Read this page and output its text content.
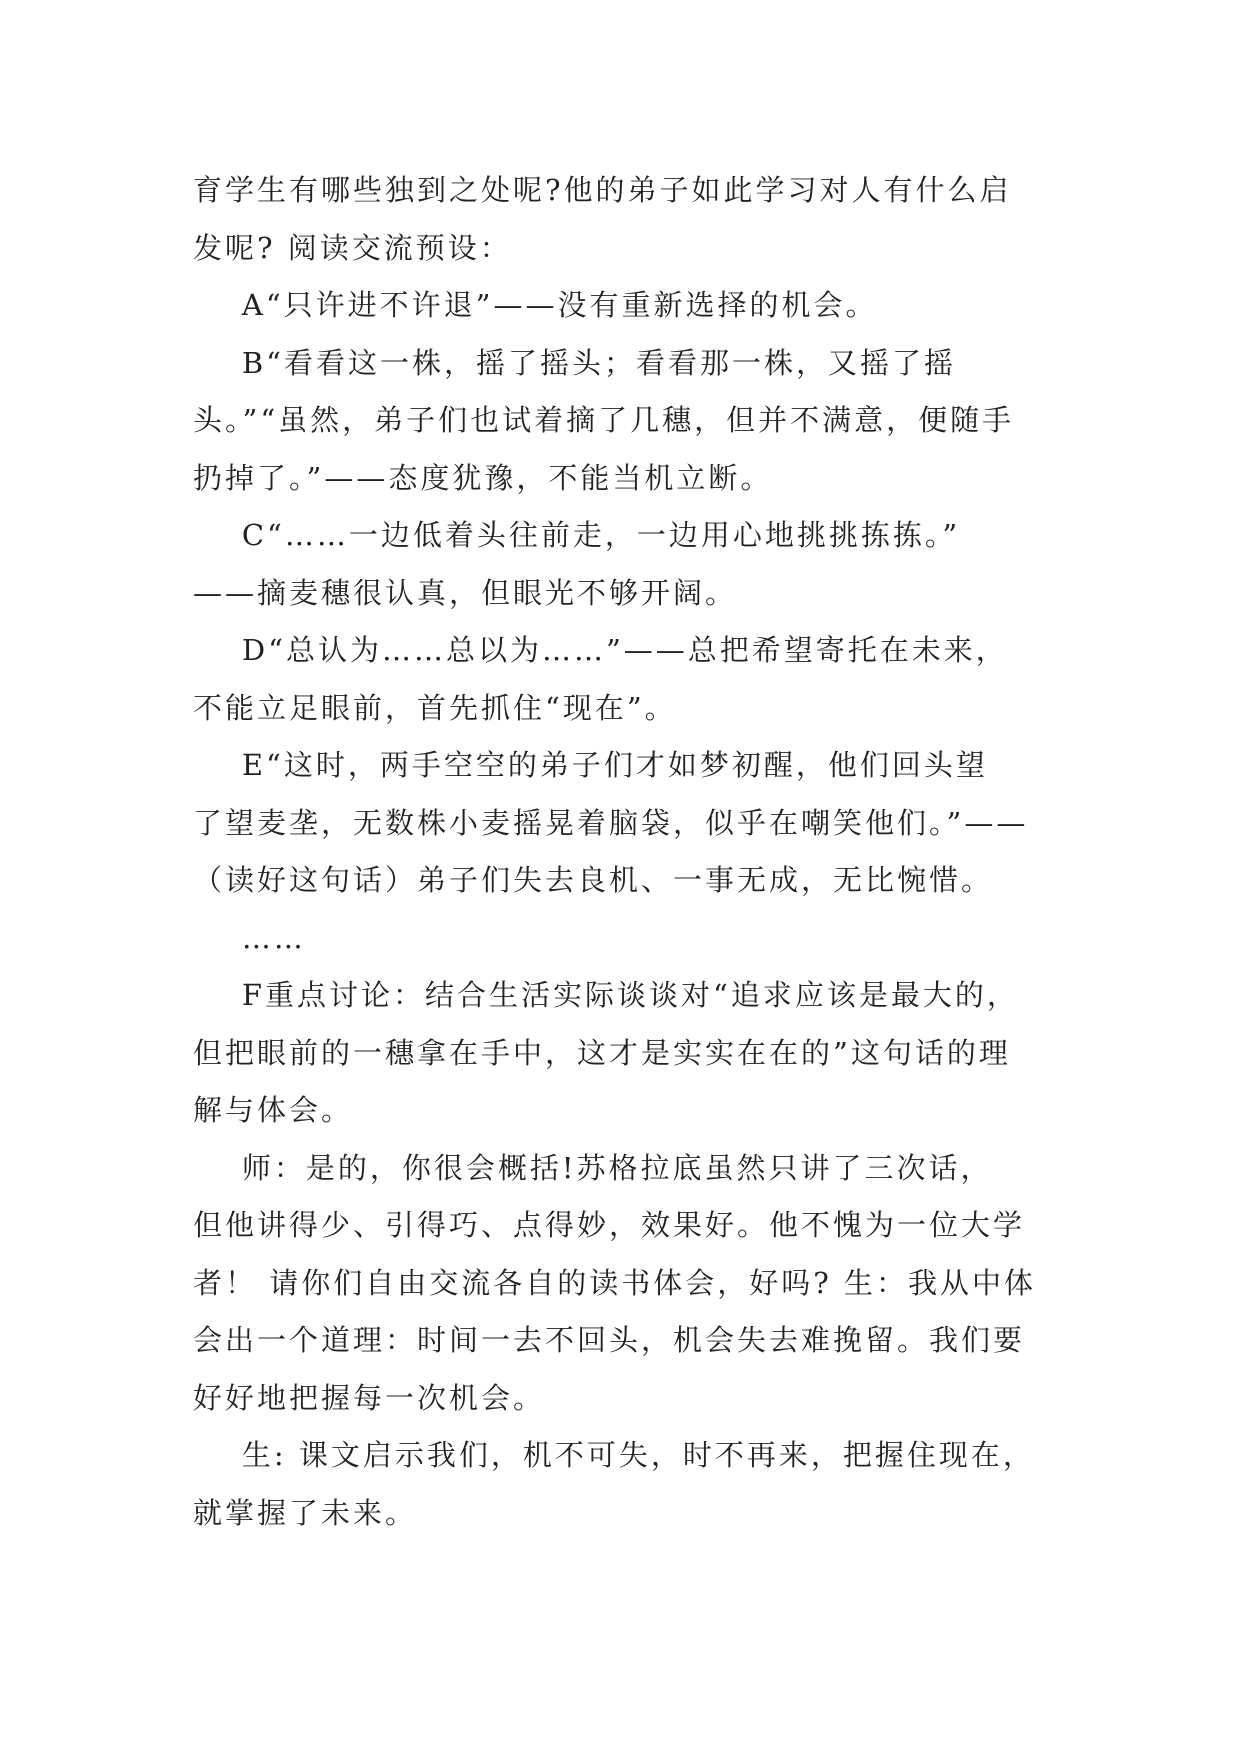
育学生有哪些独到之处呢?他的弟子如此学习对人有什么启

发呢? 阅读交流预设：

A“只许进不许退”——没有重新选择的机会。

B“看看这一株，摇了摇头；看看那一株，又摇了摇

头。”“虽然，弟子们也试着摘了几穗，但并不满意，便随手

扔掉了。”——态度犹豫，不能当机立断。

C“……一边低着头往前走，一边用心地挑挑拣拣。”

——摘麦穗很认真，但眼光不够开阔。

D“总认为……总以为……”——总把希望寄托在未来，

不能立足眼前，首先抓住“现在”。

E“这时，两手空空的弟子们才如梦初醒，他们回头望

了望麦垄，无数株小麦摇晃着脑袋，似乎在嘲笑他们。”——

（读好这句话）弟子们失去良机、一事无成，无比惋惜。

……

F重点讨论：结合生活实际谈谈对“追求应该是最大的，

但把眼前的一穗拿在手中，这才是实实在在的”这句话的理

解与体会。

师：是的，你很会概括!苏格拉底虽然只讲了三次话，

但他讲得少、引得巧、点得妙，效果好。他不愧为一位大学

者！ 请你们自由交流各自的读书体会，好吗? 生：我从中体

会出一个道理：时间一去不回头，机会失去难挽留。我们要

好好地把握每一次机会。

生: 课文启示我们，机不可失，时不再来，把握住现在，

就掌握了未来。
